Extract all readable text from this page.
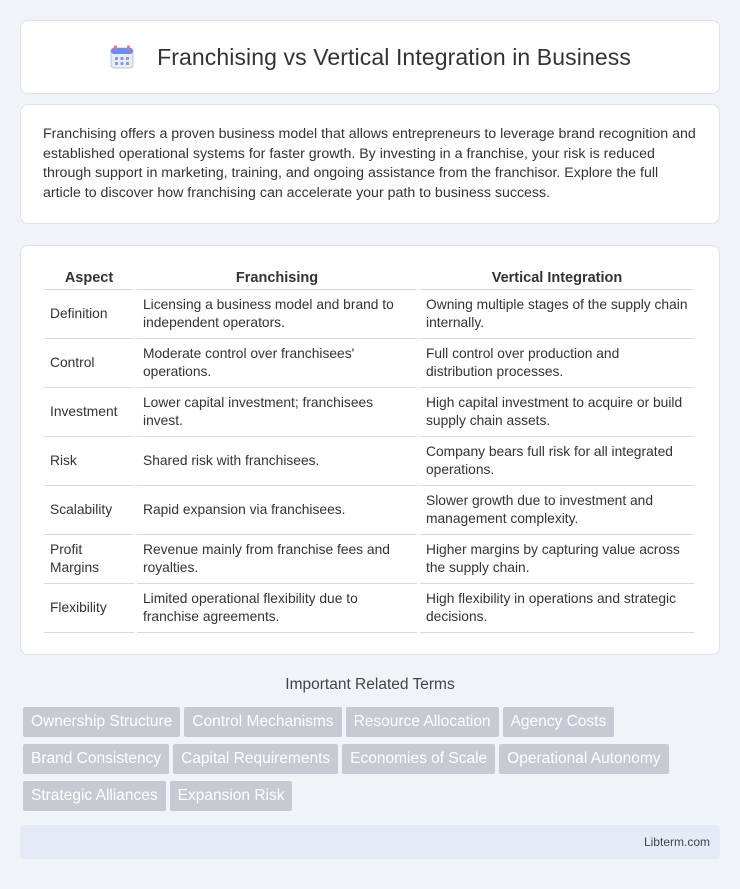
Franchising vs Vertical Integration in Business

Franchising offers a proven business model that allows entrepreneurs to leverage brand recognition and established operational systems for faster growth. By investing in a franchise, your risk is reduced through support in marketing, training, and ongoing assistance from the franchisor. Explore the full article to discover how franchising can accelerate your path to business success.

Aspect	Franchising	Vertical Integration
Definition	Licensing a business model and brand to independent operators.	Owning multiple stages of the supply chain internally.
Control	Moderate control over franchisees' operations.	Full control over production and distribution processes.
Investment	Lower capital investment; franchisees invest.	High capital investment to acquire or build supply chain assets.
Risk	Shared risk with franchisees.	Company bears full risk for all integrated operations.
Scalability	Rapid expansion via franchisees.	Slower growth due to investment and management complexity.
Profit Margins	Revenue mainly from franchise fees and royalties.	Higher margins by capturing value across the supply chain.
Flexibility	Limited operational flexibility due to franchise agreements.	High flexibility in operations and strategic decisions.
Important Related Terms
Ownership Structure Control Mechanisms Resource Allocation Agency Costs
Brand Consistency Capital Requirements Economies of Scale Operational Autonomy
Strategic Alliances Expansion Risk
Libterm.com
